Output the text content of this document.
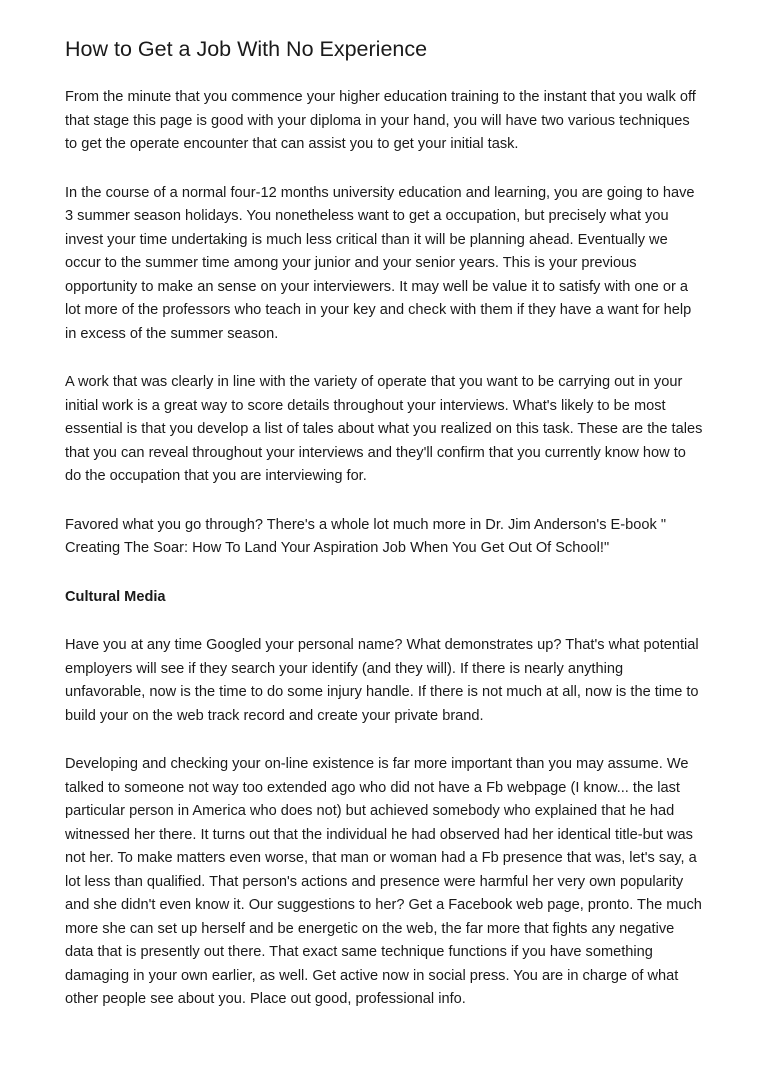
How to Get a Job With No Experience

From the minute that you commence your higher education training to the instant that you walk off that stage this page is good with your diploma in your hand, you will have two various techniques to get the operate encounter that can assist you to get your initial task.

In the course of a normal four-12 months university education and learning, you are going to have 3 summer season holidays. You nonetheless want to get a occupation, but precisely what you invest your time undertaking is much less critical than it will be planning ahead. Eventually we occur to the summer time among your junior and your senior years. This is your previous opportunity to make an sense on your interviewers. It may well be value it to satisfy with one or a lot more of the professors who teach in your key and check with them if they have a want for help in excess of the summer season.

A work that was clearly in line with the variety of operate that you want to be carrying out in your initial work is a great way to score details throughout your interviews. What's likely to be most essential is that you develop a list of tales about what you realized on this task. These are the tales that you can reveal throughout your interviews and they'll confirm that you currently know how to do the occupation that you are interviewing for.

Favored what you go through? There's a whole lot much more in Dr. Jim Anderson's E-book " Creating The Soar: How To Land Your Aspiration Job When You Get Out Of School!"

Cultural Media

Have you at any time Googled your personal name? What demonstrates up? That's what potential employers will see if they search your identify (and they will). If there is nearly anything unfavorable, now is the time to do some injury handle. If there is not much at all, now is the time to build your on the web track record and create your private brand.

Developing and checking your on-line existence is far more important than you may assume. We talked to someone not way too extended ago who did not have a Fb webpage (I know... the last particular person in America who does not) but achieved somebody who explained that he had witnessed her there. It turns out that the individual he had observed had her identical title-but was not her. To make matters even worse, that man or woman had a Fb presence that was, let's say, a lot less than qualified. That person's actions and presence were harmful her very own popularity and she didn't even know it. Our suggestions to her? Get a Facebook web page, pronto. The much more she can set up herself and be energetic on the web, the far more that fights any negative data that is presently out there. That exact same technique functions if you have something damaging in your own earlier, as well. Get active now in social press. You are in charge of what other people see about you. Place out good, professional info.
